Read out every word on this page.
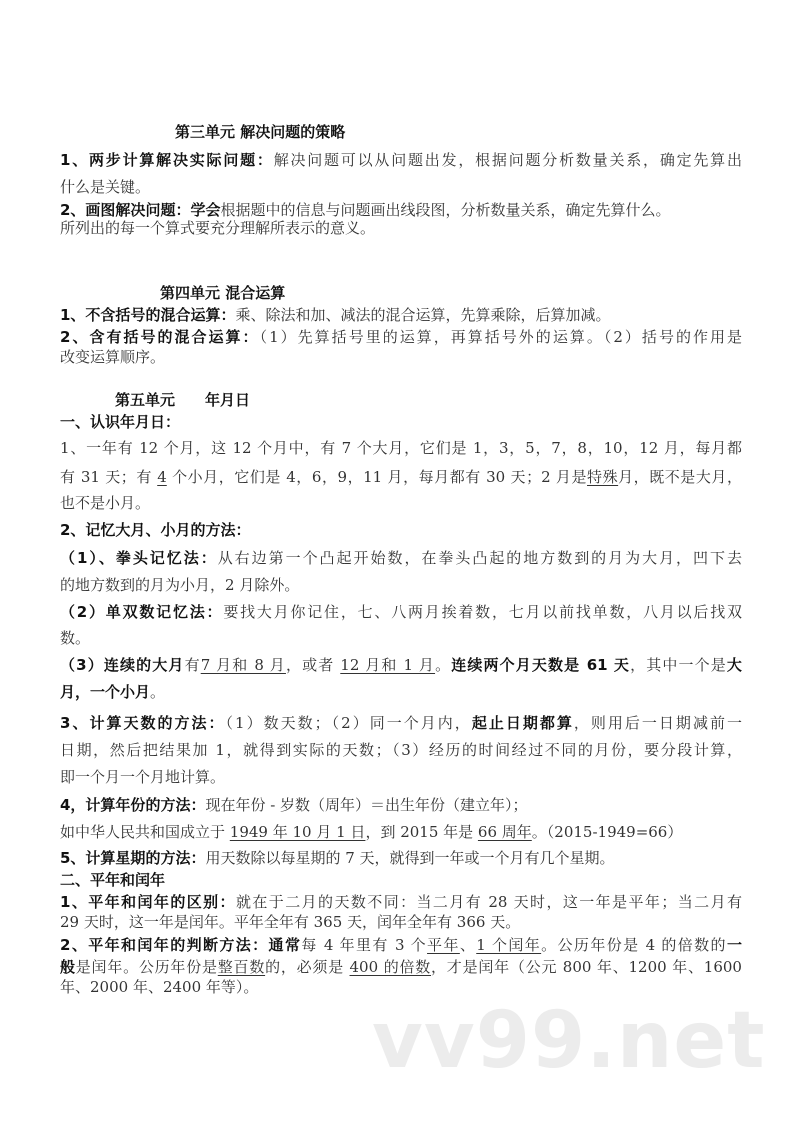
第三单元 解决问题的策略
1、两步计算解决实际问题：解决问题可以从问题出发，根据问题分析数量关系，确定先算出
什么是关键。
2、画图解决问题：学会根据题中的信息与问题画出线段图，分析数量关系，确定先算什么。
所列出的每一个算式要充分理解所表示的意义。
第四单元 混合运算
1、不含括号的混合运算：乘、除法和加、减法的混合运算，先算乘除，后算加减。
2、含有括号的混合运算：（1）先算括号里的运算，再算括号外的运算。（2）括号的作用是
改变运算顺序。
第五单元　　年月日
一、认识年月日：
1、一年有 12 个月，这 12 个月中，有 7 个大月，它们是 1，3，5，7，8，10，12 月，每月都
有 31 天；有 4 个小月，它们是 4，6，9，11 月，每月都有 30 天；2 月是特殊月，既不是大月，
也不是小月。
2、记忆大月、小月的方法：
（1）、拳头记忆法：从右边第一个凸起开始数，在拳头凸起的地方数到的月为大月，凹下去
的地方数到的月为小月，2 月除外。
（2）单双数记忆法：要找大月你记住，七、八两月挨着数，七月以前找单数，八月以后找双
数。
（3）连续的大月有7 月和 8 月，或者 12 月和 1 月。连续两个月天数是 61 天，其中一个是大
月，一个小月。
3、计算天数的方法：（1）数天数；（2）同一个月内，起止日期都算，则用后一日期减前一
日期，然后把结果加 1，就得到实际的天数；（3）经历的时间经过不同的月份，要分段计算，
即一个月一个月地计算。
4，计算年份的方法：现在年份 - 岁数（周年）＝出生年份（建立年）；
如中华人民共和国成立于 1949 年 10 月 1 日，到 2015 年是 66 周年。（2015-1949=66）
5、计算星期的方法：用天数除以每星期的 7 天，就得到一年或一个月有几个星期。
二、平年和闰年
1、平年和闰年的区别：就在于二月的天数不同：当二月有 28 天时，这一年是平年；当二月有
29 天时，这一年是闰年。平年全年有 365 天，闰年全年有 366 天。
2、平年和闰年的判断方法：通常每 4 年里有 3 个平年、1 个闰年。公历年份是 4 的倍数的一
般是闰年。公历年份是整百数的，必须是 400 的倍数，才是闰年（公元 800 年、1200 年、1600
年、2000 年、2400 年等）。
vv99.net
